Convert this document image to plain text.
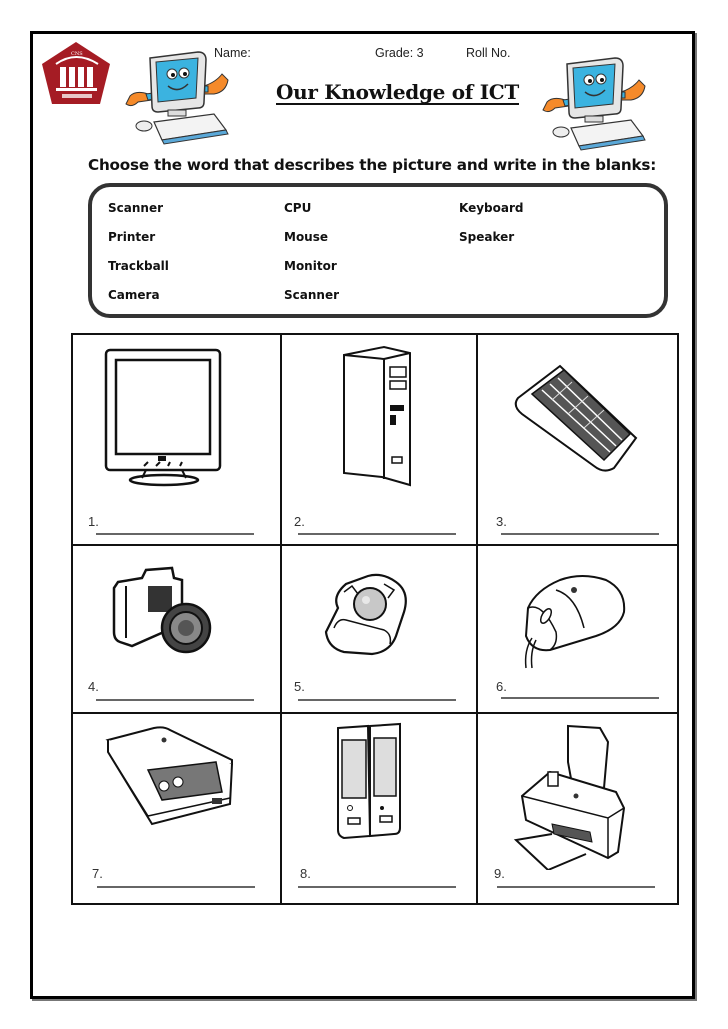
CNS	Name:	Grade: 3	Roll No.
Our Knowledge of ICT
Choose the word that describes the picture and write in the blanks:
Scanner
Printer
Trackball
Camera
CPU
Mouse
Monitor
Scanner
Keyboard
Speaker
1.	2.	3.
4.	5.	6.
7.	8.	9.
